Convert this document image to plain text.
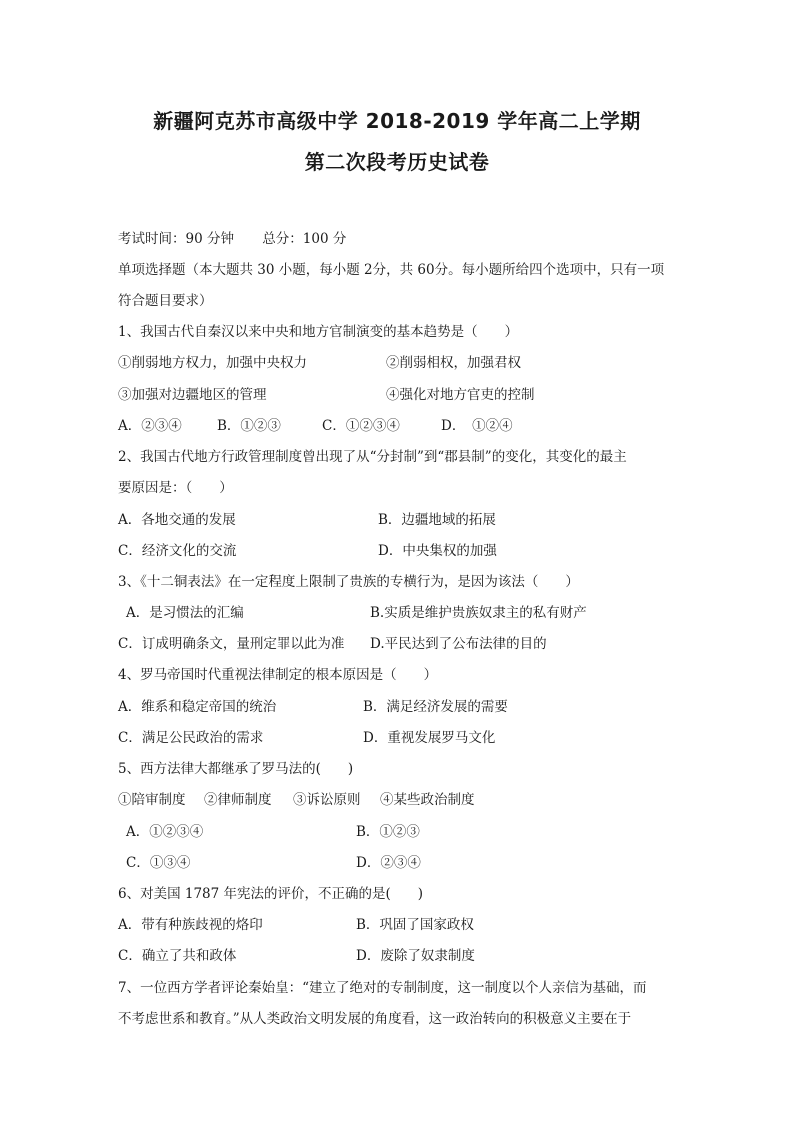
新疆阿克苏市高级中学 2018-2019 学年高二上学期
第二次段考历史试卷
考试时间：90 分钟 总分：100 分
单项选择题（本大题共 30 小题，每小题 2分，共 60分。每小题所给四个选项中，只有一项
符合题目要求）
1、我国古代自秦汉以来中央和地方官制演变的基本趋势是（　　）
①削弱地方权力，加强中央权力	②削弱相权，加强君权
③加强对边疆地区的管理	④强化对地方官吏的控制
A．②③④	B．①②③	C．①②③④	D．　①②④
2、我国古代地方行政管理制度曾出现了从“分封制”到“郡县制”的变化，其变化的最主
要原因是：（　　）
A．各地交通的发展	B．边疆地域的拓展
C．经济文化的交流	D．中央集权的加强
3、《十二铜表法》在一定程度上限制了贵族的专横行为，是因为该法（　　）
A．是习惯法的汇编	B.实质是维护贵族奴隶主的私有财产
C．订成明确条文，量刑定罪以此为准 D.平民达到了公布法律的目的
4、罗马帝国时代重视法律制定的根本原因是（　　）
A．维系和稳定帝国的统治	B．满足经济发展的需要
C．满足公民政治的需求	D．重视发展罗马文化
5、西方法律大都继承了罗马法的(　　)
①陪审制度 ②律师制度 ③诉讼原则 ④某些政治制度
A．①②③④	B．①②③
C．①③④	D．②③④
6、对美国 1787 年宪法的评价，不正确的是(　　)
A．带有种族歧视的烙印	B．巩固了国家政权
C．确立了共和政体	D．废除了奴隶制度
7、一位西方学者评论秦始皇：“建立了绝对的专制制度，这一制度以个人亲信为基础，而
不考虑世系和教育。”从人类政治文明发展的角度看，这一政治转向的积极意义主要在于
